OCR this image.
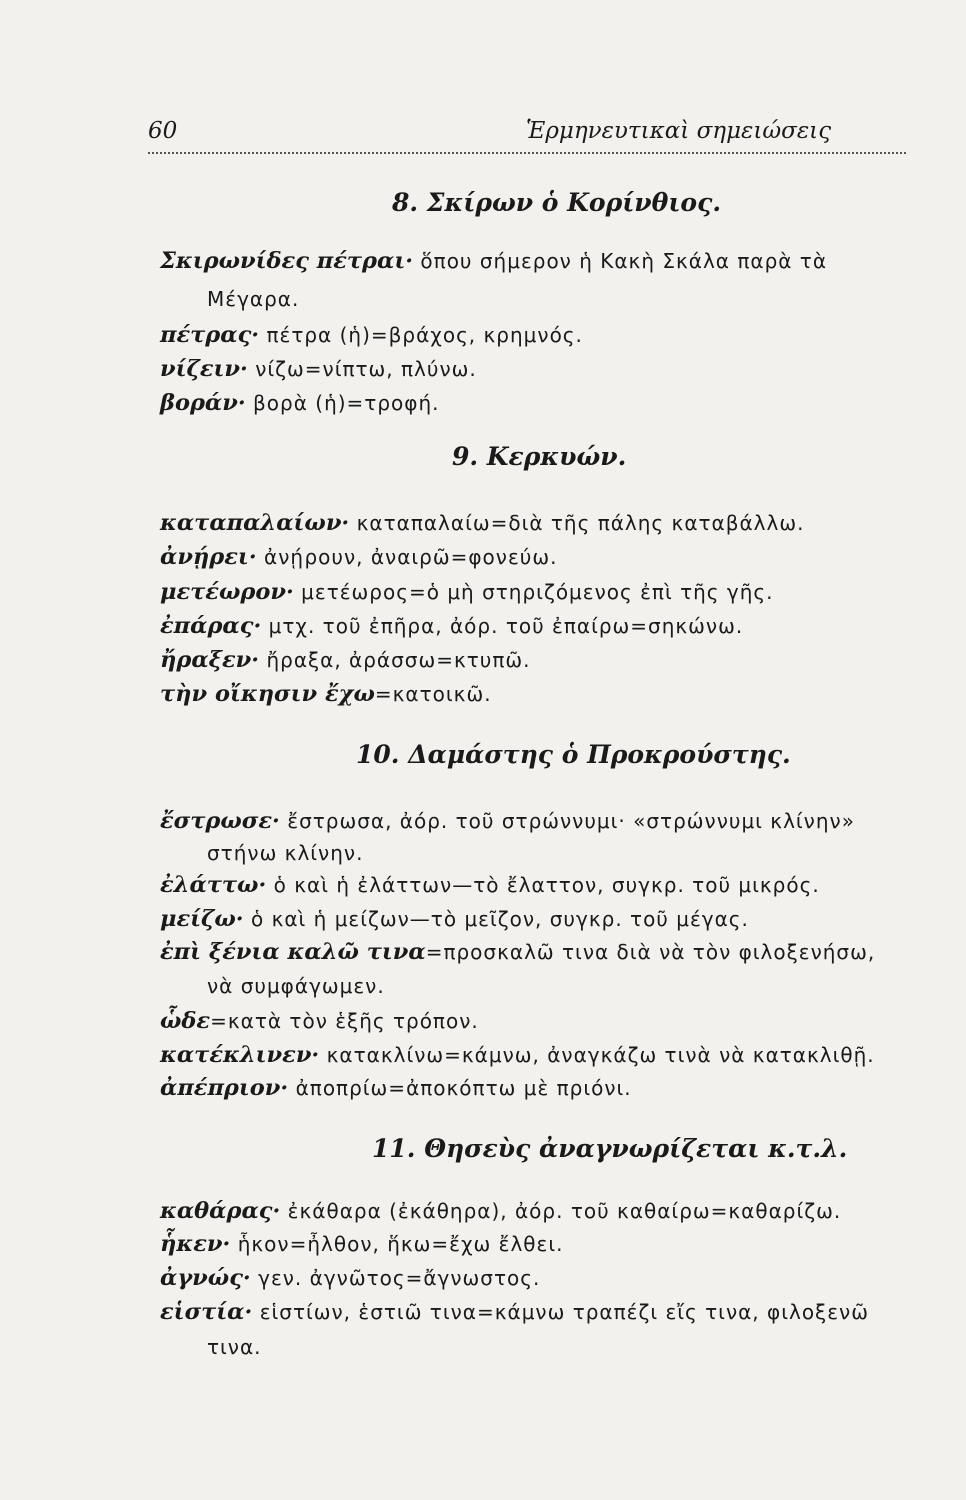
60	Ἑρμηνευτικαὶ σημειώσεις
8. Σκίρων ὁ Κορίνθιος.
Σκιρωνίδες πέτραι· ὅπου σήμερον ἡ Κακὴ Σκάλα παρὰ τὰ
Μέγαρα.
πέτρας· πέτρα (ἡ)=βράχος, κρημνός.
νίζειν· νίζω=νίπτω, πλύνω.
βοράν· βορὰ (ἡ)=τροφή.
9. Κερκυών.
καταπαλαίων· καταπαλαίω=διὰ τῆς πάλης καταβάλλω.
ἀνῄρει· ἀνῄρουν, ἀναιρῶ=φονεύω.
μετέωρον· μετέωρος=ὁ μὴ στηριζόμενος ἐπὶ τῆς γῆς.
ἐπάρας· μτχ. τοῦ ἐπῆρα, ἀόρ. τοῦ ἐπαίρω=σηκώνω.
ἤραξεν· ἤραξα, ἀράσσω=κτυπῶ.
τὴν οἴκησιν ἔχω=κατοικῶ.
10. Δαμάστης ὁ Προκρούστης.
ἔστρωσε· ἔστρωσα, ἀόρ. τοῦ στρώννυμι· «στρώννυμι κλίνην»
στήνω κλίνην.
ἐλάττω· ὁ καὶ ἡ ἐλάττων—τὸ ἔλαττον, συγκρ. τοῦ μικρός.
μείζω· ὁ καὶ ἡ μείζων—τὸ μεῖζον, συγκρ. τοῦ μέγας.
ἐπὶ ξένια καλῶ τινα=προσκαλῶ τινα διὰ νὰ τὸν φιλοξενήσω,
νὰ συμφάγωμεν.
ὧδε=κατὰ τὸν ἑξῆς τρόπον.
κατέκλινεν· κατακλίνω=κάμνω, ἀναγκάζω τινὰ νὰ κατακλιθῇ.
ἀπέπριον· ἀποπρίω=ἀποκόπτω μὲ πριόνι.
11. Θησεὺς ἀναγνωρίζεται κ.τ.λ.
καθάρας· ἐκάθαρα (ἐκάθηρα), ἀόρ. τοῦ καθαίρω=καθαρίζω.
ἧκεν· ἧκον=ἦλθον, ἥκω=ἔχω ἔλθει.
ἀγνώς· γεν. ἀγνῶτος=ἄγνωστος.
εἱστία· εἱστίων, ἑστιῶ τινα=κάμνω τραπέζι εἴς τινα, φιλοξενῶ
τινα.
